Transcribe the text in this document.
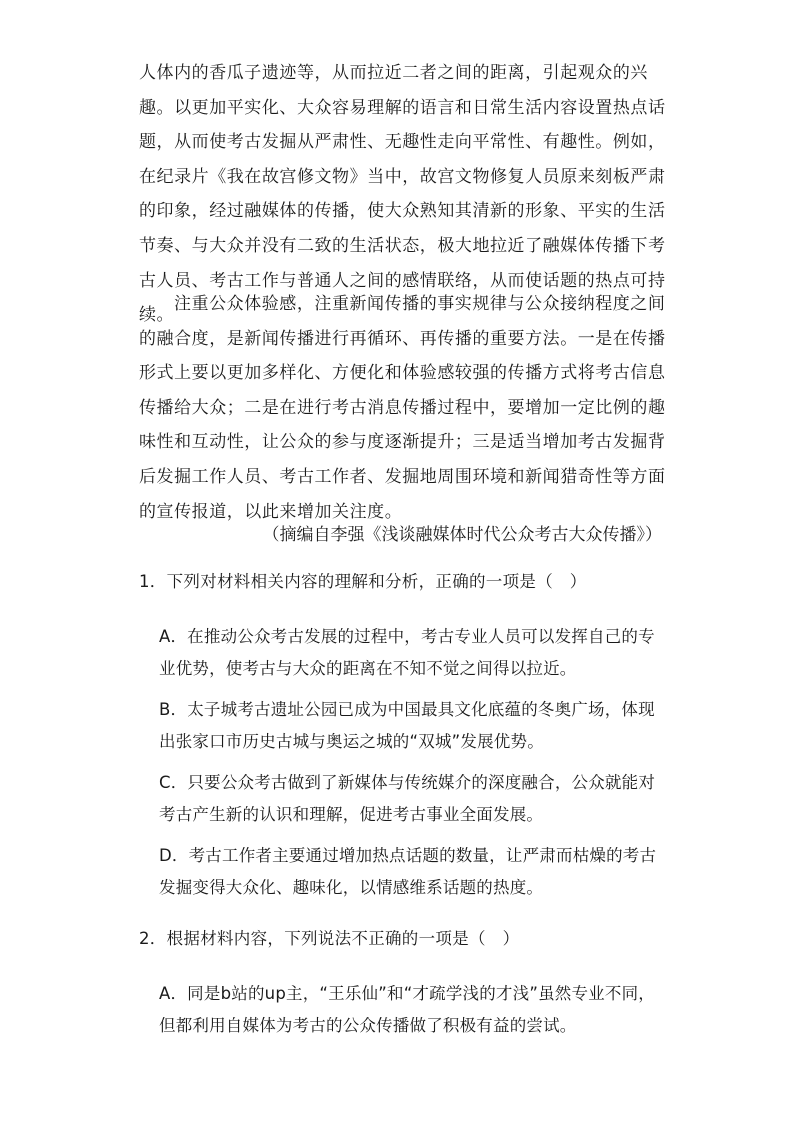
人体内的香瓜子遗迹等，从而拉近二者之间的距离，引起观众的兴趣。以更加平实化、大众容易理解的语言和日常生活内容设置热点话题，从而使考古发掘从严肃性、无趣性走向平常性、有趣性。例如，在纪录片《我在故宫修文物》当中，故宫文物修复人员原来刻板严肃的印象，经过融媒体的传播，使大众熟知其清新的形象、平实的生活节奏、与大众并没有二致的生活状态，极大地拉近了融媒体传播下考古人员、考古工作与普通人之间的感情联络，从而使话题的热点可持续。

注重公众体验感，注重新闻传播的事实规律与公众接纳程度之间的融合度，是新闻传播进行再循环、再传播的重要方法。一是在传播形式上要以更加多样化、方便化和体验感较强的传播方式将考古信息传播给大众；二是在进行考古消息传播过程中，要增加一定比例的趣味性和互动性，让公众的参与度逐渐提升；三是适当增加考古发掘背后发掘工作人员、考古工作者、发掘地周围环境和新闻猎奇性等方面的宣传报道，以此来增加关注度。

（摘编自李强《浅谈融媒体时代公众考古大众传播》）

1．下列对材料相关内容的理解和分析，正确的一项是（　）

A．在推动公众考古发展的过程中，考古专业人员可以发挥自己的专业优势，使考古与大众的距离在不知不觉之间得以拉近。
B．太子城考古遗址公园已成为中国最具文化底蕴的冬奥广场，体现出张家口市历史古城与奥运之城的“双城”发展优势。
C．只要公众考古做到了新媒体与传统媒介的深度融合，公众就能对考古产生新的认识和理解，促进考古事业全面发展。
D．考古工作者主要通过增加热点话题的数量，让严肃而枯燥的考古发掘变得大众化、趣味化，以情感维系话题的热度。

2．根据材料内容，下列说法不正确的一项是（　）

A．同是b站的up主，“王乐仙”和“才疏学浅的才浅”虽然专业不同，但都利用自媒体为考古的公众传播做了积极有益的尝试。
